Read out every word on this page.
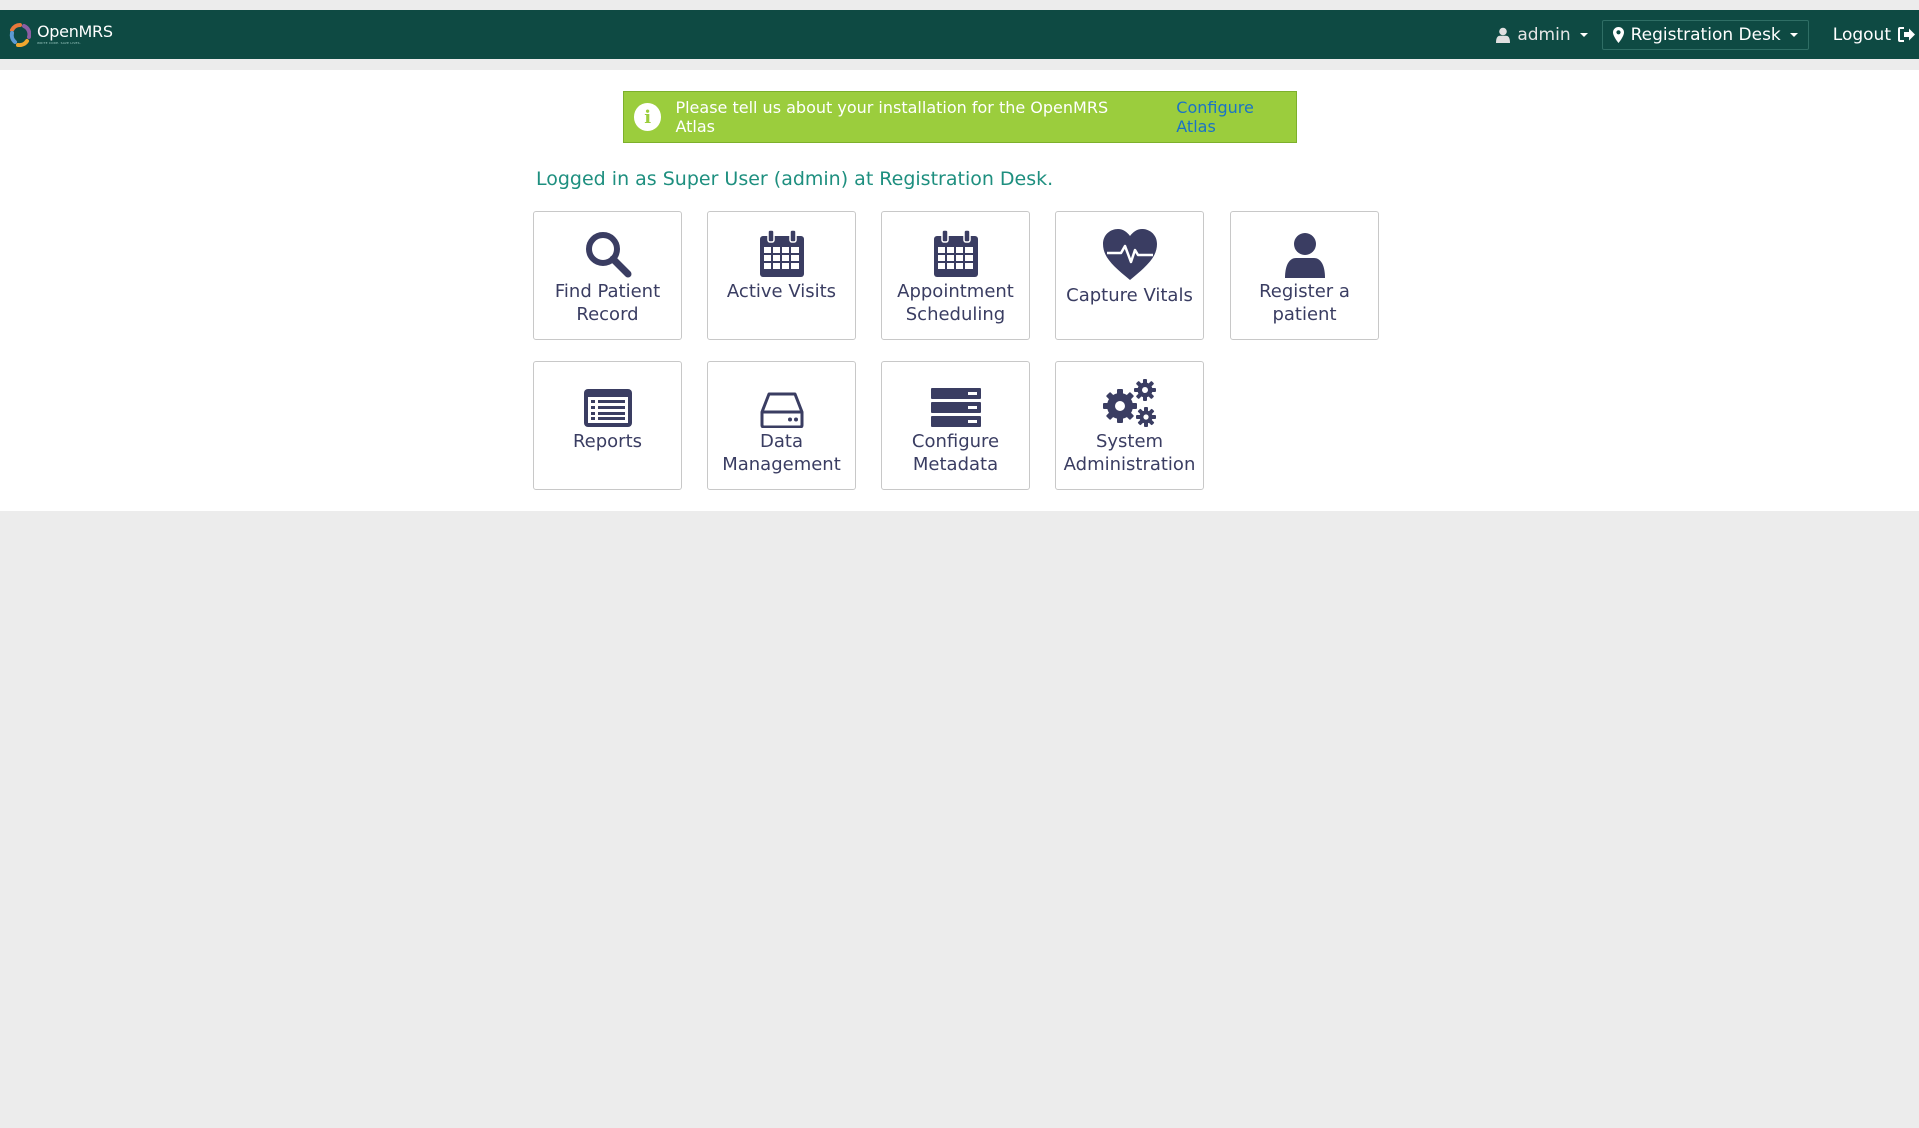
OpenMRS
WRITE CODE. SAVE LIVES.	admin	Registration Desk	Logout
i	Please tell us about your installation for the OpenMRS Atlas
Configure Atlas
Logged in as Super User (admin) at Registration Desk.
Find Patient Record
Active Visits	Appointment Scheduling
Capture Vitals	Register a patient
Reports	Data Management
Configure Metadata
System Administration
